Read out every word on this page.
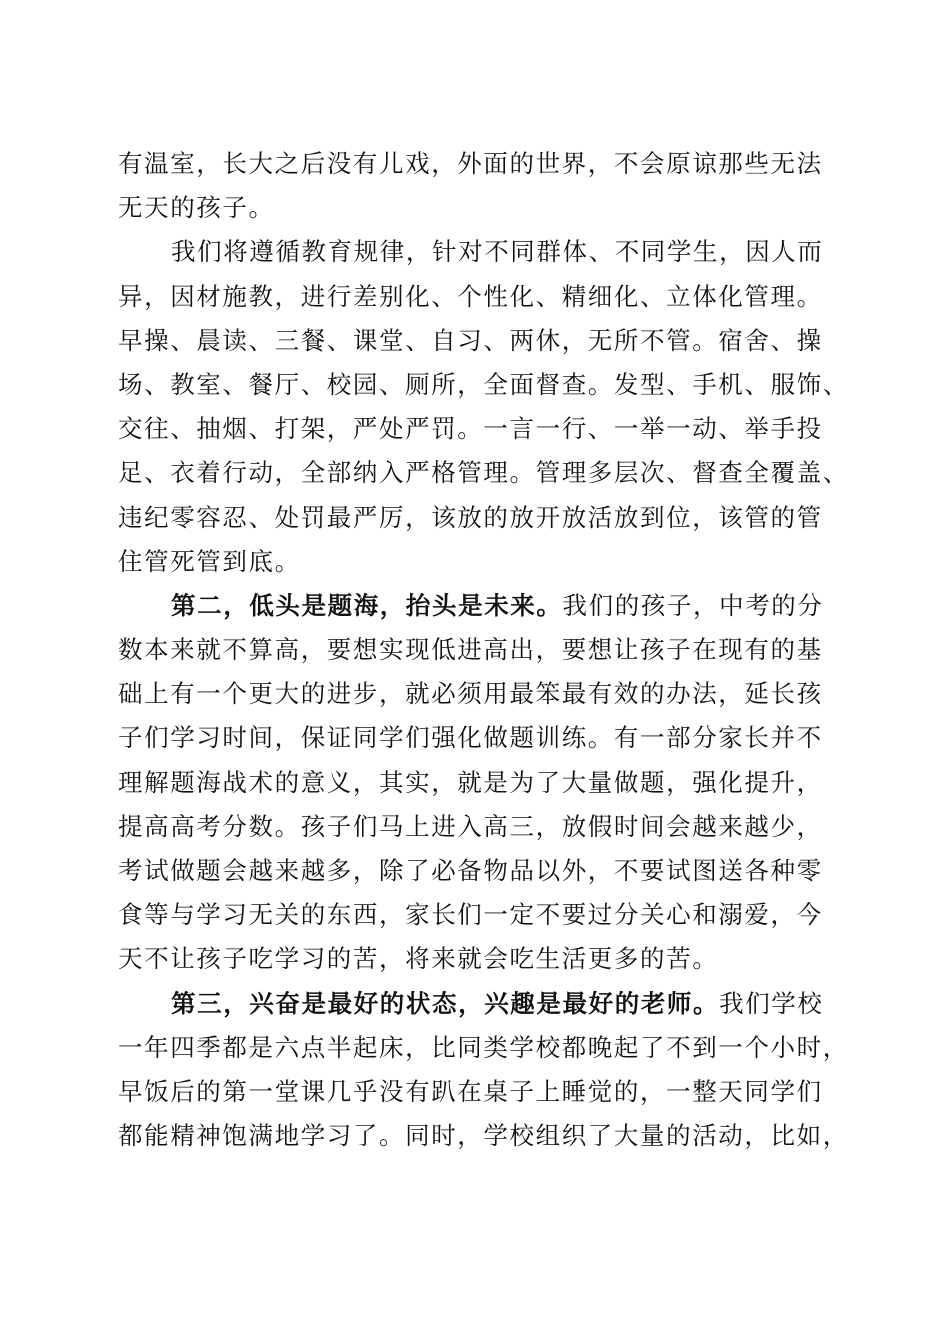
有温室，长大之后没有儿戏，外面的世界，不会原谅那些无法
无天的孩子。
我们将遵循教育规律，针对不同群体、不同学生，因人而
异，因材施教，进行差别化、个性化、精细化、立体化管理。
早操、晨读、三餐、课堂、自习、两休，无所不管。宿舍、操
场、教室、餐厅、校园、厕所，全面督查。发型、手机、服饰、
交往、抽烟、打架，严处严罚。一言一行、一举一动、举手投
足、衣着行动，全部纳入严格管理。管理多层次、督查全覆盖、
违纪零容忍、处罚最严厉，该放的放开放活放到位，该管的管
住管死管到底。
第二，低头是题海，抬头是未来。我们的孩子，中考的分
数本来就不算高，要想实现低进高出，要想让孩子在现有的基
础上有一个更大的进步，就必须用最笨最有效的办法，延长孩
子们学习时间，保证同学们强化做题训练。有一部分家长并不
理解题海战术的意义，其实，就是为了大量做题，强化提升，
提高高考分数。孩子们马上进入高三，放假时间会越来越少，
考试做题会越来越多，除了必备物品以外，不要试图送各种零
食等与学习无关的东西，家长们一定不要过分关心和溺爱，今
天不让孩子吃学习的苦，将来就会吃生活更多的苦。
第三，兴奋是最好的状态，兴趣是最好的老师。我们学校
一年四季都是六点半起床，比同类学校都晚起了不到一个小时，
早饭后的第一堂课几乎没有趴在桌子上睡觉的，一整天同学们
都能精神饱满地学习了。同时，学校组织了大量的活动，比如，
